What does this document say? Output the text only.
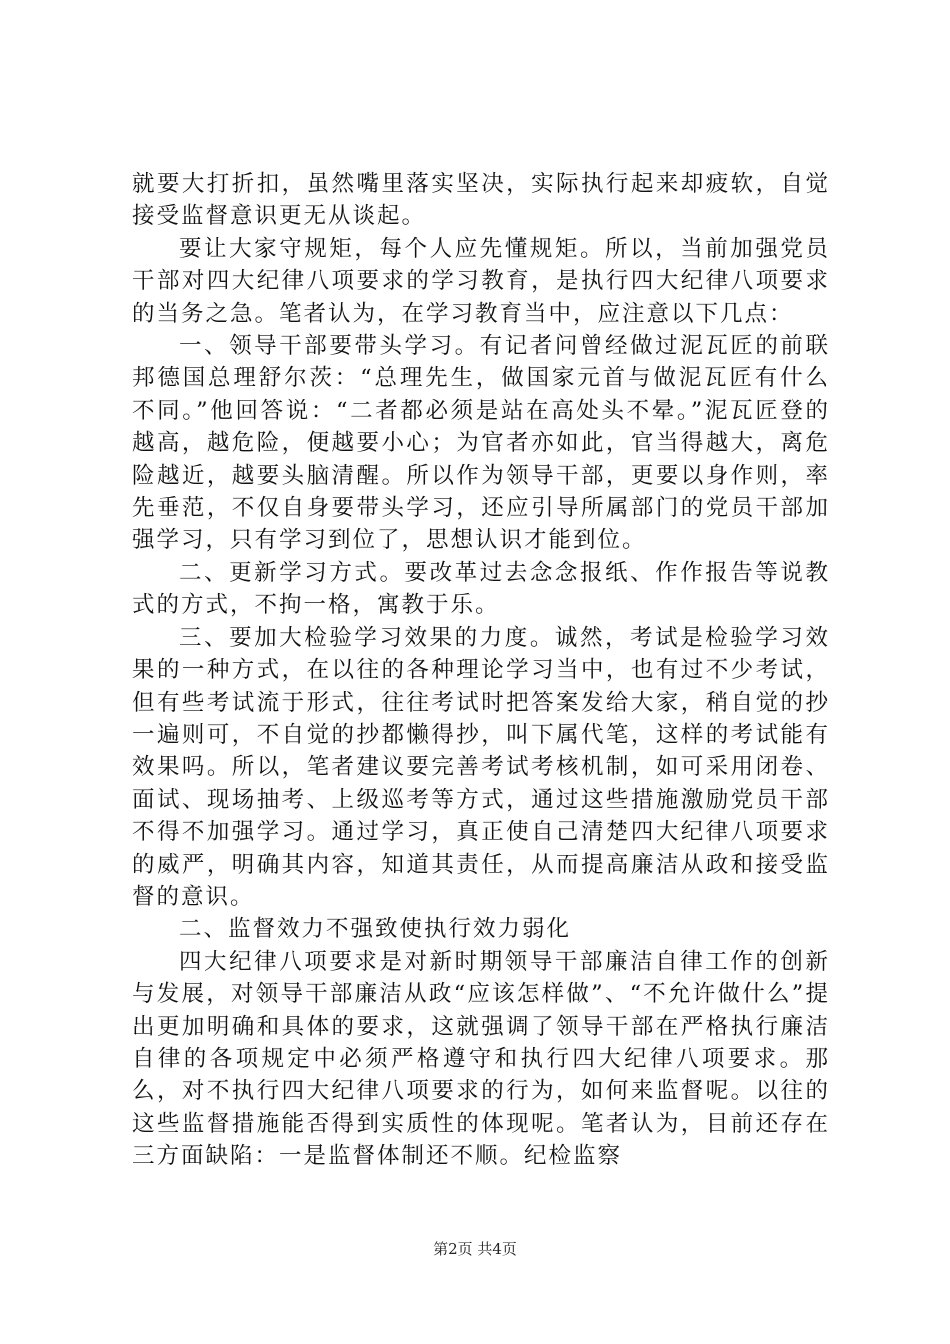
就要大打折扣，虽然嘴里落实坚决，实际执行起来却疲软，自觉接受监督意识更无从谈起。

要让大家守规矩，每个人应先懂规矩。所以，当前加强党员干部对四大纪律八项要求的学习教育，是执行四大纪律八项要求的当务之急。笔者认为，在学习教育当中，应注意以下几点：

一、领导干部要带头学习。有记者问曾经做过泥瓦匠的前联邦德国总理舒尔茨：“总理先生，做国家元首与做泥瓦匠有什么不同。”他回答说：“二者都必须是站在高处头不晕。”泥瓦匠登的越高，越危险，便越要小心；为官者亦如此，官当得越大，离危险越近，越要头脑清醒。所以作为领导干部，更要以身作则，率先垂范，不仅自身要带头学习，还应引导所属部门的党员干部加强学习，只有学习到位了，思想认识才能到位。

二、更新学习方式。要改革过去念念报纸、作作报告等说教式的方式，不拘一格，寓教于乐。

三、要加大检验学习效果的力度。诚然，考试是检验学习效果的一种方式，在以往的各种理论学习当中，也有过不少考试，但有些考试流于形式，往往考试时把答案发给大家，稍自觉的抄一遍则可，不自觉的抄都懒得抄，叫下属代笔，这样的考试能有效果吗。所以，笔者建议要完善考试考核机制，如可采用闭卷、面试、现场抽考、上级巡考等方式，通过这些措施激励党员干部不得不加强学习。通过学习，真正使自己清楚四大纪律八项要求的威严，明确其内容，知道其责任，从而提高廉洁从政和接受监督的意识。

二、监督效力不强致使执行效力弱化

四大纪律八项要求是对新时期领导干部廉洁自律工作的创新与发展，对领导干部廉洁从政“应该怎样做”、“不允许做什么”提出更加明确和具体的要求，这就强调了领导干部在严格执行廉洁自律的各项规定中必须严格遵守和执行四大纪律八项要求。那么，对不执行四大纪律八项要求的行为，如何来监督呢。以往的这些监督措施能否得到实质性的体现呢。笔者认为，目前还存在三方面缺陷：一是监督体制还不顺。纪检监察

第2页 共4页
